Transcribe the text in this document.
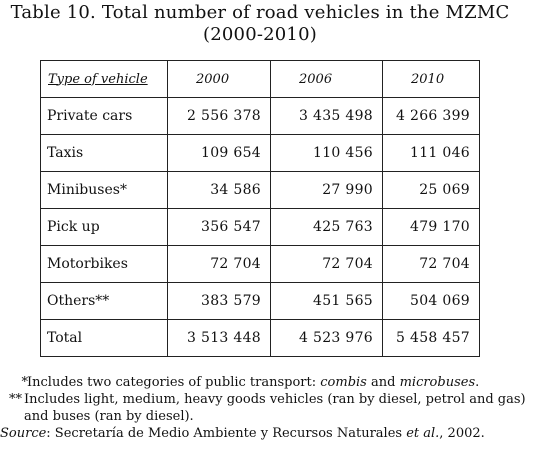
Table 10. Total number of road vehicles in the MZMC
(2000-2010)
Type of vehicle	2000	2006	2010
Private cars	2 556 378	3 435 498	4 266 399
Taxis	109 654	110 456	111 046
Minibuses*	34 586	27 990	25 069
Pick up	356 547	425 763	479 170
Motorbikes	72 704	72 704	72 704
Others**	383 579	451 565	504 069
Total	3 513 448	4 523 976	5 458 457
* Includes two categories of public transport: combis and microbuses.
** Includes light, medium, heavy goods vehicles (ran by diesel, petrol and gas)
and buses (ran by diesel).
Source: Secretaría de Medio Ambiente y Recursos Naturales et al., 2002.
